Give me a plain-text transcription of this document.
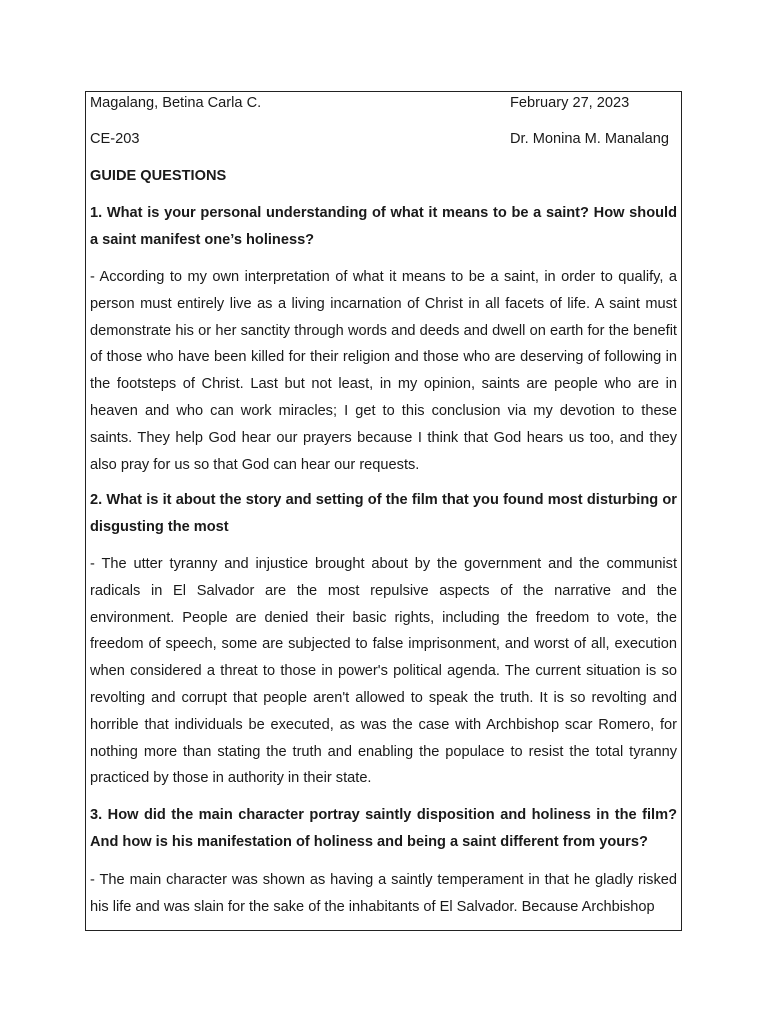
Magalang, Betina Carla C.	February 27, 2023
CE-203	Dr. Monina M. Manalang
GUIDE QUESTIONS

1. What is your personal understanding of what it means to be a saint? How should a saint manifest one’s holiness?

- According to my own interpretation of what it means to be a saint, in order to qualify, a person must entirely live as a living incarnation of Christ in all facets of life. A saint must demonstrate his or her sanctity through words and deeds and dwell on earth for the benefit of those who have been killed for their religion and those who are deserving of following in the footsteps of Christ. Last but not least, in my opinion, saints are people who are in heaven and who can work miracles; I get to this conclusion via my devotion to these saints. They help God hear our prayers because I think that God hears us too, and they also pray for us so that God can hear our requests.

2. What is it about the story and setting of the film that you found most disturbing or disgusting the most

- The utter tyranny and injustice brought about by the government and the communist radicals in El Salvador are the most repulsive aspects of the narrative and the environment. People are denied their basic rights, including the freedom to vote, the freedom of speech, some are subjected to false imprisonment, and worst of all, execution when considered a threat to those in power's political agenda. The current situation is so revolting and corrupt that people aren't allowed to speak the truth. It is so revolting and horrible that individuals be executed, as was the case with Archbishop scar Romero, for nothing more than stating the truth and enabling the populace to resist the total tyranny practiced by those in authority in their state.

3. How did the main character portray saintly disposition and holiness in the film? And how is his manifestation of holiness and being a saint different from yours?

- The main character was shown as having a saintly temperament in that he gladly risked his life and was slain for the sake of the inhabitants of El Salvador. Because Archbishop
